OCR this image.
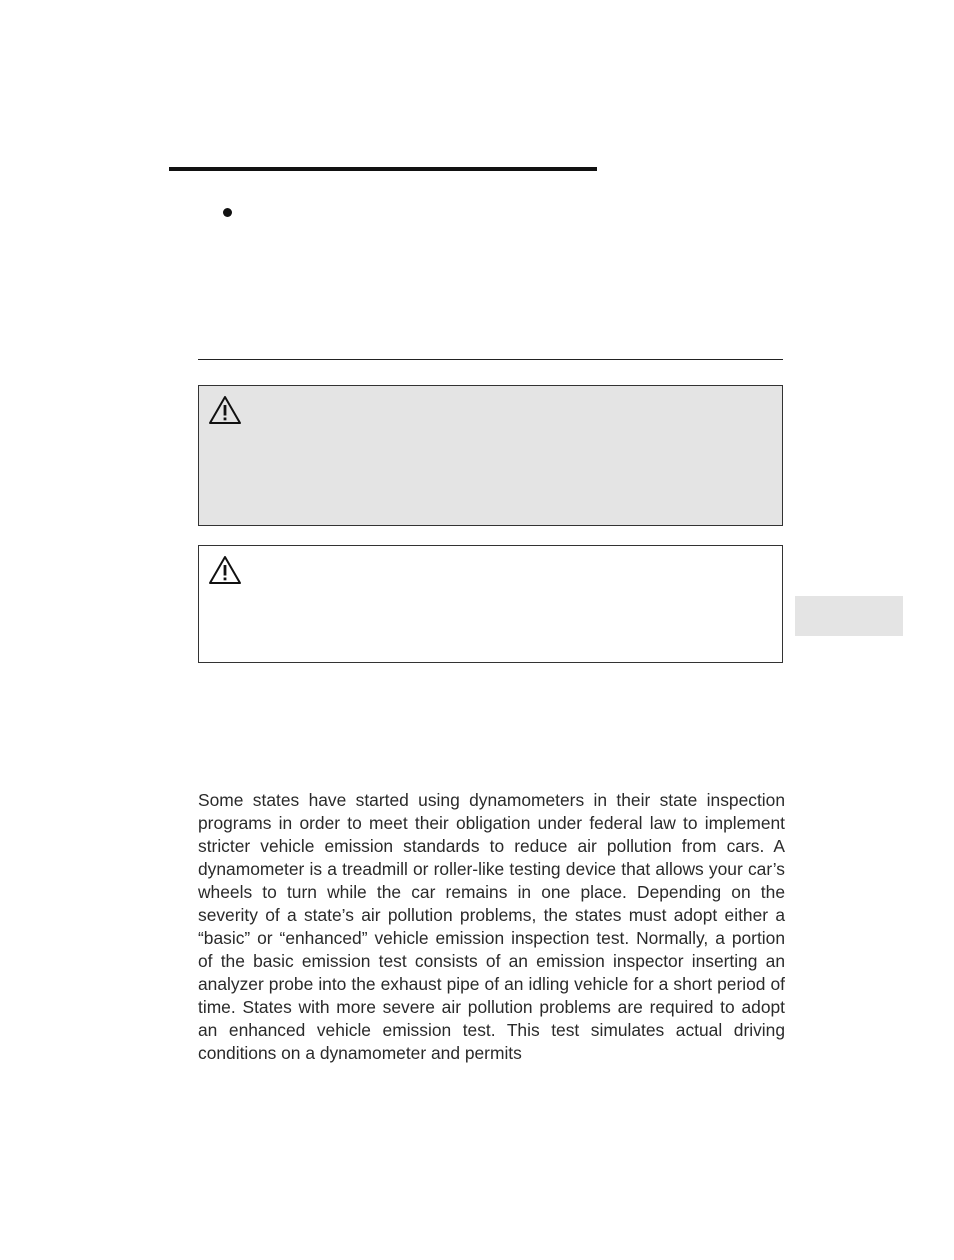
Some states have started using dynamometers in their state inspection programs in order to meet their obligation under federal law to implement stricter vehicle emission standards to reduce air pollution from cars. A dynamometer is a treadmill or roller-like testing device that allows your car’s wheels to turn while the car remains in one place. Depending on the severity of a state’s air pollution problems, the states must adopt either a “basic” or “enhanced” vehicle emission inspection test. Normally, a portion of the basic emission test consists of an emission inspector inserting an analyzer probe into the exhaust pipe of an idling vehicle for a short period of time. States with more severe air pollution problems are required to adopt an enhanced vehicle emission test. This test simulates actual driving conditions on a dynamometer and permits
